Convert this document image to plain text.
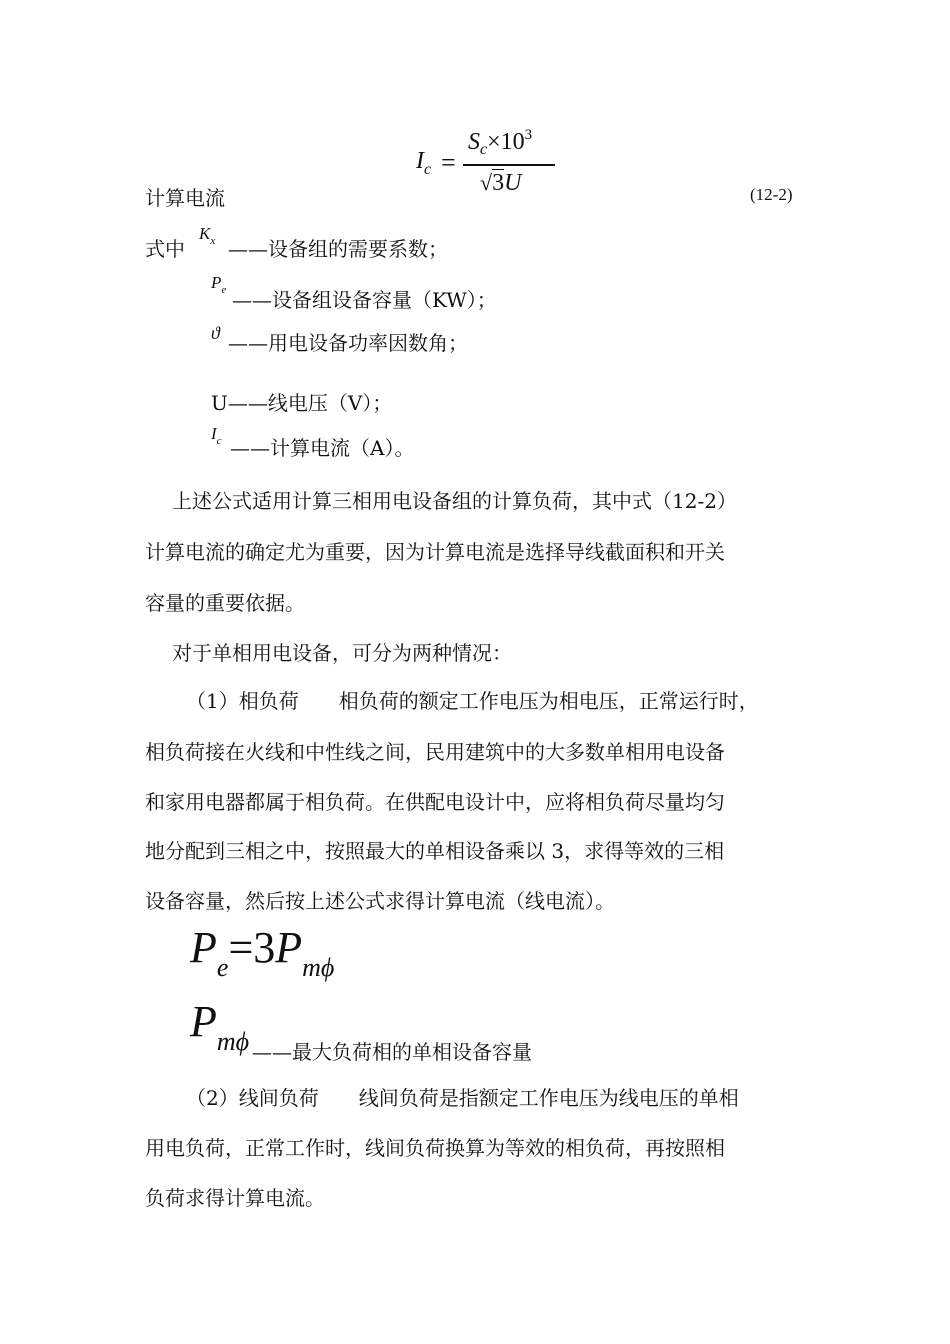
$I_c$ =
$S_c\times 10^3$
√3U
计算电流	(12-2)
式中
$K_x$ ——设备组的需要系数；
$P_e$ ——设备组设备容量（KW）；
ϑ ——用电设备功率因数角；
U——线电压（V）；
$I_c$ ——计算电流（A）。
上述公式适用计算三相用电设备组的计算负荷，其中式（12-2）
计算电流的确定尤为重要，因为计算电流是选择导线截面积和开关
容量的重要依据。
对于单相用电设备，可分为两种情况：
（1）相负荷　　相负荷的额定工作电压为相电压，正常运行时，
相负荷接在火线和中性线之间，民用建筑中的大多数单相用电设备
和家用电器都属于相负荷。在供配电设计中，应将相负荷尽量均匀
地分配到三相之中，按照最大的单相设备乘以 3，求得等效的三相
设备容量，然后按上述公式求得计算电流（线电流）。
$P_e=3P_{m\phi}$
$P_{m\phi}$ ——最大负荷相的单相设备容量
（2）线间负荷　　线间负荷是指额定工作电压为线电压的单相
用电负荷，正常工作时，线间负荷换算为等效的相负荷，再按照相
负荷求得计算电流。
